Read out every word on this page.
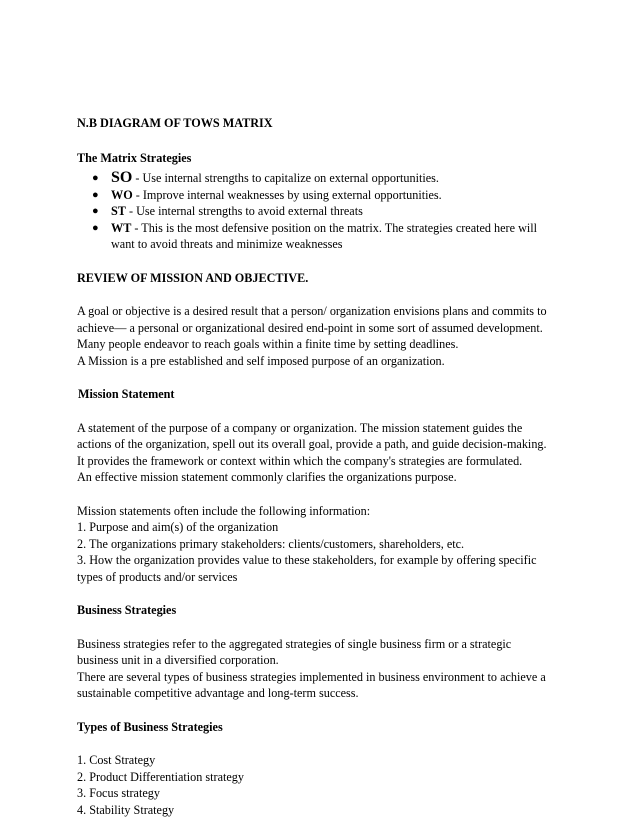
N.B DIAGRAM OF TOWS MATRIX

The Matrix Strategies

● SO - Use internal strengths to capitalize on external opportunities.
● WO - Improve internal weaknesses by using external opportunities.
● ST - Use internal strengths to avoid external threats
● WT - This is the most defensive position on the matrix. The strategies created here will
want to avoid threats and minimize weaknesses

REVIEW OF MISSION AND OBJECTIVE.

A goal or objective is a desired result that a person/ organization envisions plans and commits to
achieve— a personal or organizational desired end-point in some sort of assumed development.
Many people endeavor to reach goals within a finite time by setting deadlines.
A Mission is a pre established and self imposed purpose of an organization.

Mission Statement

A statement of the purpose of a company or organization. The mission statement guides the
actions of the organization, spell out its overall goal, provide a path, and guide decision-making.
It provides the framework or context within which the company's strategies are formulated.
An effective mission statement commonly clarifies the organizations purpose.
Mission statements often include the following information:
1. Purpose and aim(s) of the organization
2. The organizations primary stakeholders: clients/customers, shareholders, etc.
3. How the organization provides value to these stakeholders, for example by offering specific
types of products and/or services

Business Strategies

Business strategies refer to the aggregated strategies of single business firm or a strategic
business unit in a diversified corporation.
There are several types of business strategies implemented in business environment to achieve a
sustainable competitive advantage and long-term success.

Types of Business Strategies

1. Cost Strategy
2. Product Differentiation strategy
3. Focus strategy
4. Stability Strategy
